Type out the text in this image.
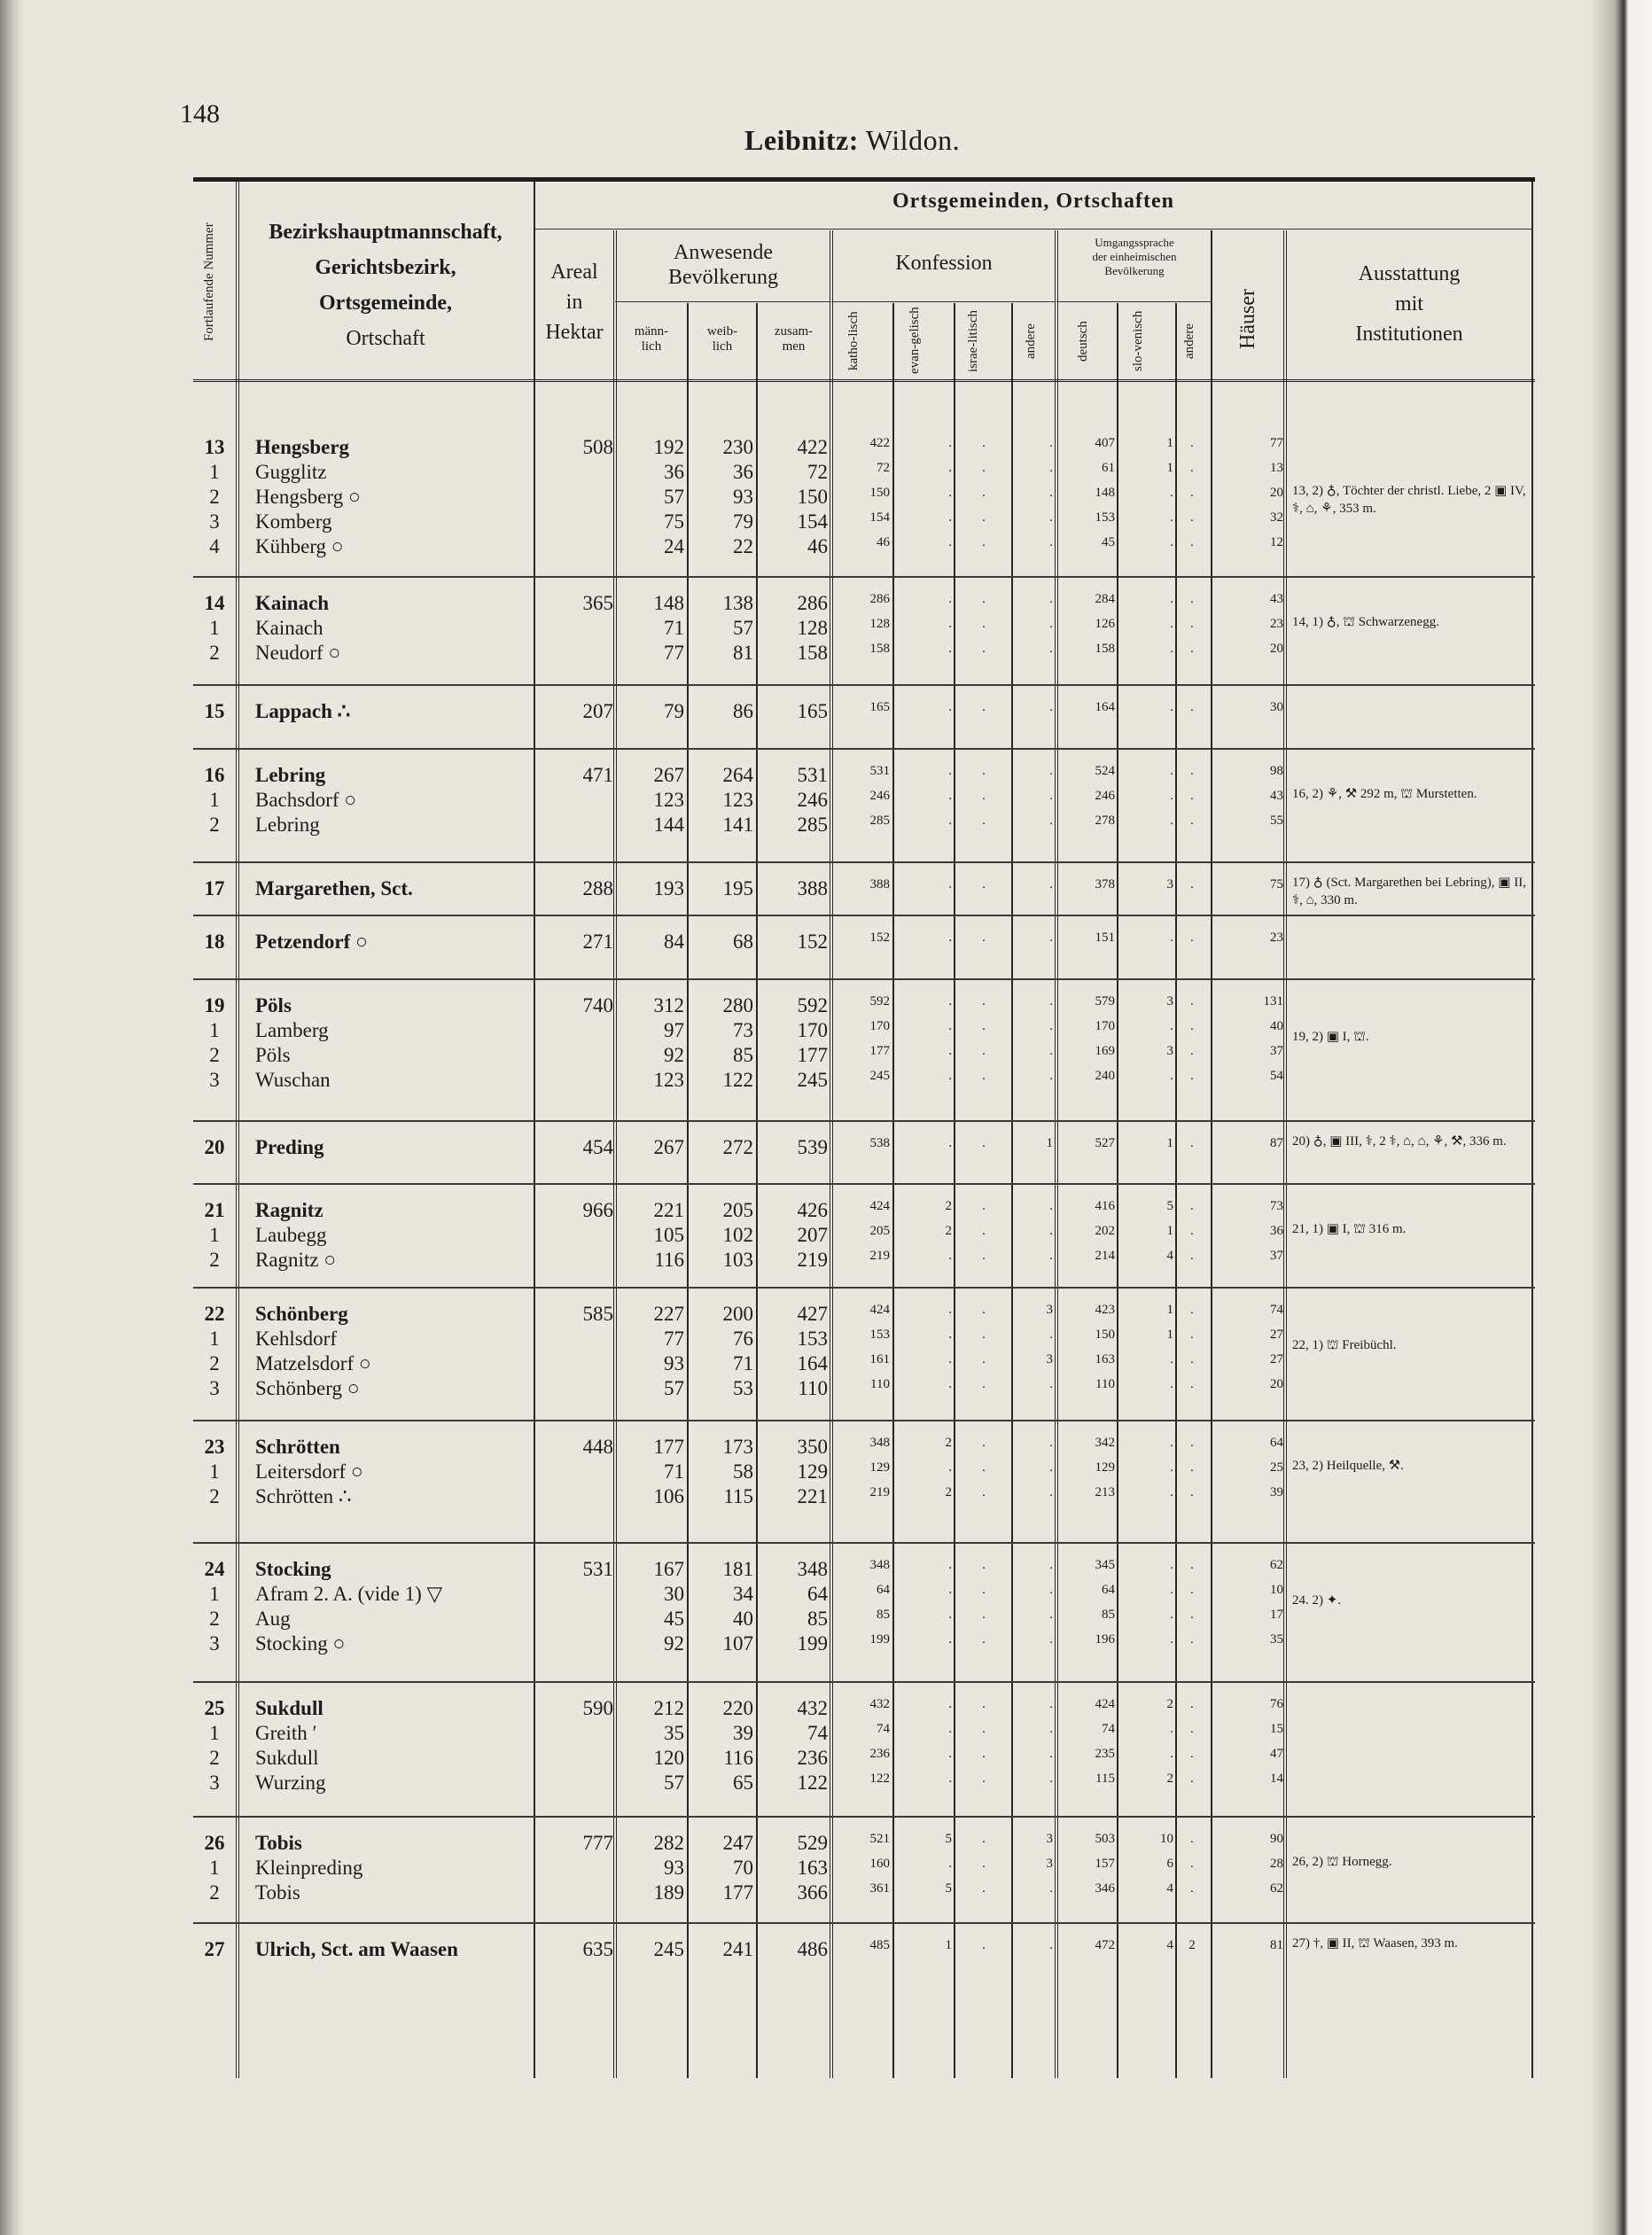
148
Leibnitz: Wildon.
Fortlaufende Nummer	Bezirkshauptmannschaft,
Gerichtsbezirk,
Ortsgemeinde,
Ortschaft
Ortsgemeinden, Ortschaften
Areal
in
Hektar
Anwesende
Bevölkerung
männ-
lich
weib-
lich
zusam-
men
Konfession
katho-lisch	evan-gelisch	israe-litisch	andere
Umgangssprache
der einheimischen
Bevölkerung
deutsch	slo-venisch	andere	Häuser
Ausstattung
mit
Institutionen
13	Hengsberg	508	192	230	422	422	.	.	.	407	1	.	77
1	Gugglitz	36	36	72	72	.	.	.	61	1	.	13
2	Hengsberg ○	57	93	150	150	.	.	.	148	.	.	20
3	Komberg	75	79	154	154	.	.	.	153	.	.	32
4	Kühberg ○	24	22	46	46	.	.	.	45	.	.	12
13, 2) ♁, Töchter der christl. Liebe, 2 ▣ IV, ⚕, ⌂, ⚘, 353 m.
14	Kainach	365	148	138	286	286	.	.	.	284	.	.	43
1	Kainach	71	57	128	128	.	.	.	126	.	.	23
2	Neudorf ○	77	81	158	158	.	.	.	158	.	.	20
14, 1) ♁, ⛫ Schwarzenegg.
15	Lappach ∴	207	79	86	165	165	.	.	.	164	.	.	30
16	Lebring	471	267	264	531	531	.	.	.	524	.	.	98
1	Bachsdorf ○	123	123	246	246	.	.	.	246	.	.	43
2	Lebring	144	141	285	285	.	.	.	278	.	.	55
16, 2) ⚘, ⚒ 292 m, ⛫ Murstetten.
17	Margarethen, Sct.	288	193	195	388	388	.	.	.	378	3	.	75 17) ♁ (Sct. Margarethen bei Lebring), ▣ II, ⚕, ⌂, 330 m.
18	Petzendorf ○	271	84	68	152	152	.	.	.	151	.	.	23
19	Pöls	740	312	280	592	592	.	.	.	579	3	.	131
1	Lamberg	97	73	170	170	.	.	.	170	.	.	40
2	Pöls	92	85	177	177	.	.	.	169	3	.	37
3	Wuschan	123	122	245	245	.	.	.	240	.	.	54
19, 2) ▣ I, ⛫.
20	Preding	454	267	272	539	538	.	.	1	527	1	.	87 20) ♁, ▣ III, ⚕, 2 ⚕, ⌂, ⌂, ⚘, ⚒, 336 m.
21	Ragnitz	966	221	205	426	424	2	.	.	416	5	.	73
1	Laubegg	105	102	207	205	2	.	.	202	1	.	36
2	Ragnitz ○	116	103	219	219	.	.	.	214	4	.	37
21, 1) ▣ I, ⛫ 316 m.
22	Schönberg	585	227	200	427	424	.	.	3	423	1	.	74
1	Kehlsdorf	77	76	153	153	.	.	.	150	1	.	27
2	Matzelsdorf ○	93	71	164	161	.	.	3	163	.	.	27
3	Schönberg ○	57	53	110	110	.	.	.	110	.	.	20
22, 1) ⛫ Freibüchl.
23	Schrötten	448	177	173	350	348	2	.	.	342	.	.	64
1	Leitersdorf ○	71	58	129	129	.	.	.	129	.	.	25
2	Schrötten ∴	106	115	221	219	2	.	.	213	.	.	39
23, 2) Heilquelle, ⚒.
24	Stocking	531	167	181	348	348	.	.	.	345	.	.	62
1	Afram 2. A. (vide 1) ▽	30	34	64	64	.	.	.	64	.	.	10
2	Aug	45	40	85	85	.	.	.	85	.	.	17
3	Stocking ○	92	107	199	199	.	.	.	196	.	.	35
24. 2) ✦.
25	Sukdull	590	212	220	432	432	.	.	.	424	2	.	76
1	Greith ′	35	39	74	74	.	.	.	74	.	.	15
2	Sukdull	120	116	236	236	.	.	.	235	.	.	47
3	Wurzing	57	65	122	122	.	.	.	115	2	.	14
26	Tobis	777	282	247	529	521	5	.	3	503	10	.	90
1	Kleinpreding	93	70	163	160	.	.	3	157	6	.	28
2	Tobis	189	177	366	361	5	.	.	346	4	.	62
26, 2) ⛫ Hornegg.
27	Ulrich, Sct. am Waasen	635	245	241	486	485	1	.	.	472	4	2	81 27) †, ▣ II, ⛫ Waasen, 393 m.
